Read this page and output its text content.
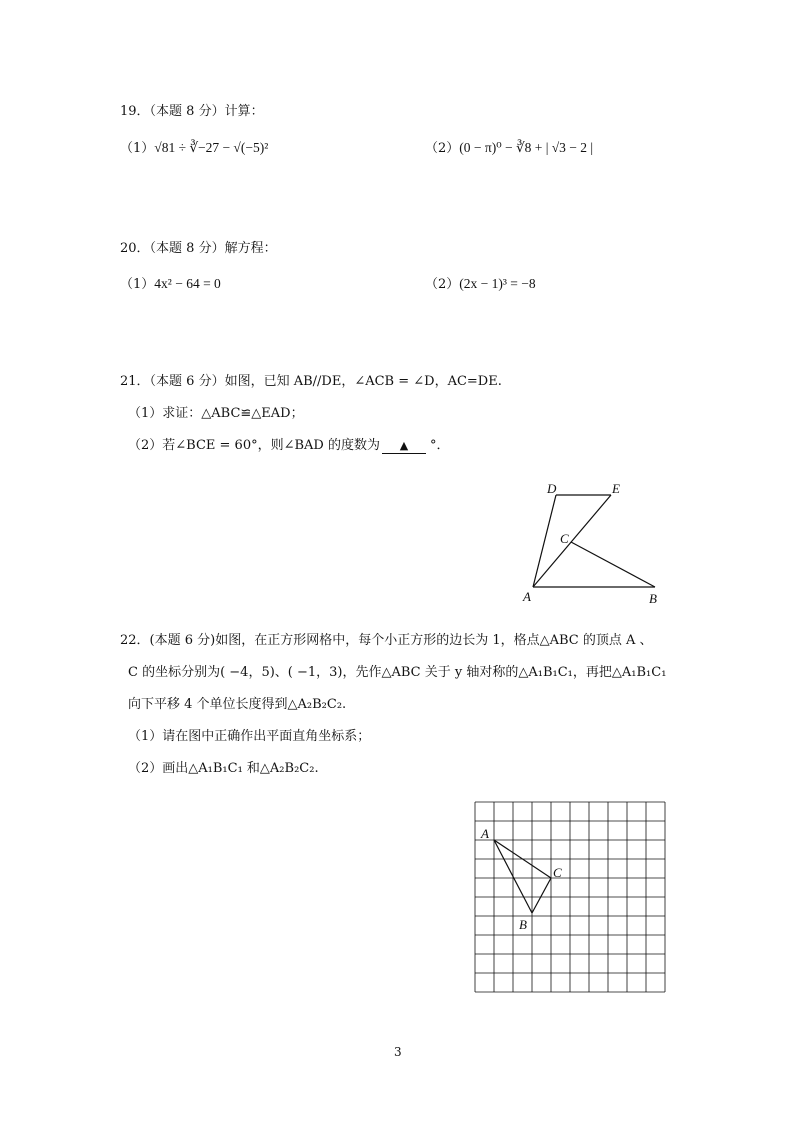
19．（本题 8 分）计算：
（1）√81 ÷ ∛−27 − √(−5)²	（2）(0 − π)⁰ − ∛8 + | √3 − 2 |
20．（本题 8 分）解方程：
（1）4x² − 64 = 0	（2）(2x − 1)³ = −8
21．（本题 6 分）如图，已知 AB//DE，∠ACB = ∠D，AC=DE.
（1）求证：△ABC≌△EAD；
（2）若∠BCE = 60°，则∠BAD 的度数为 ▲ °．
D	E
C
A	B
22．(本题 6 分)如图，在正方形网格中，每个小正方形的边长为 1，格点△ABC 的顶点 A 、
C 的坐标分别为( −4，5)、( −1，3)，先作△ABC 关于 y 轴对称的△A₁B₁C₁，再把△A₁B₁C₁
向下平移 4 个单位长度得到△A₂B₂C₂.
（1）请在图中正确作出平面直角坐标系；
（2）画出△A₁B₁C₁ 和△A₂B₂C₂.
A
C
B
3
